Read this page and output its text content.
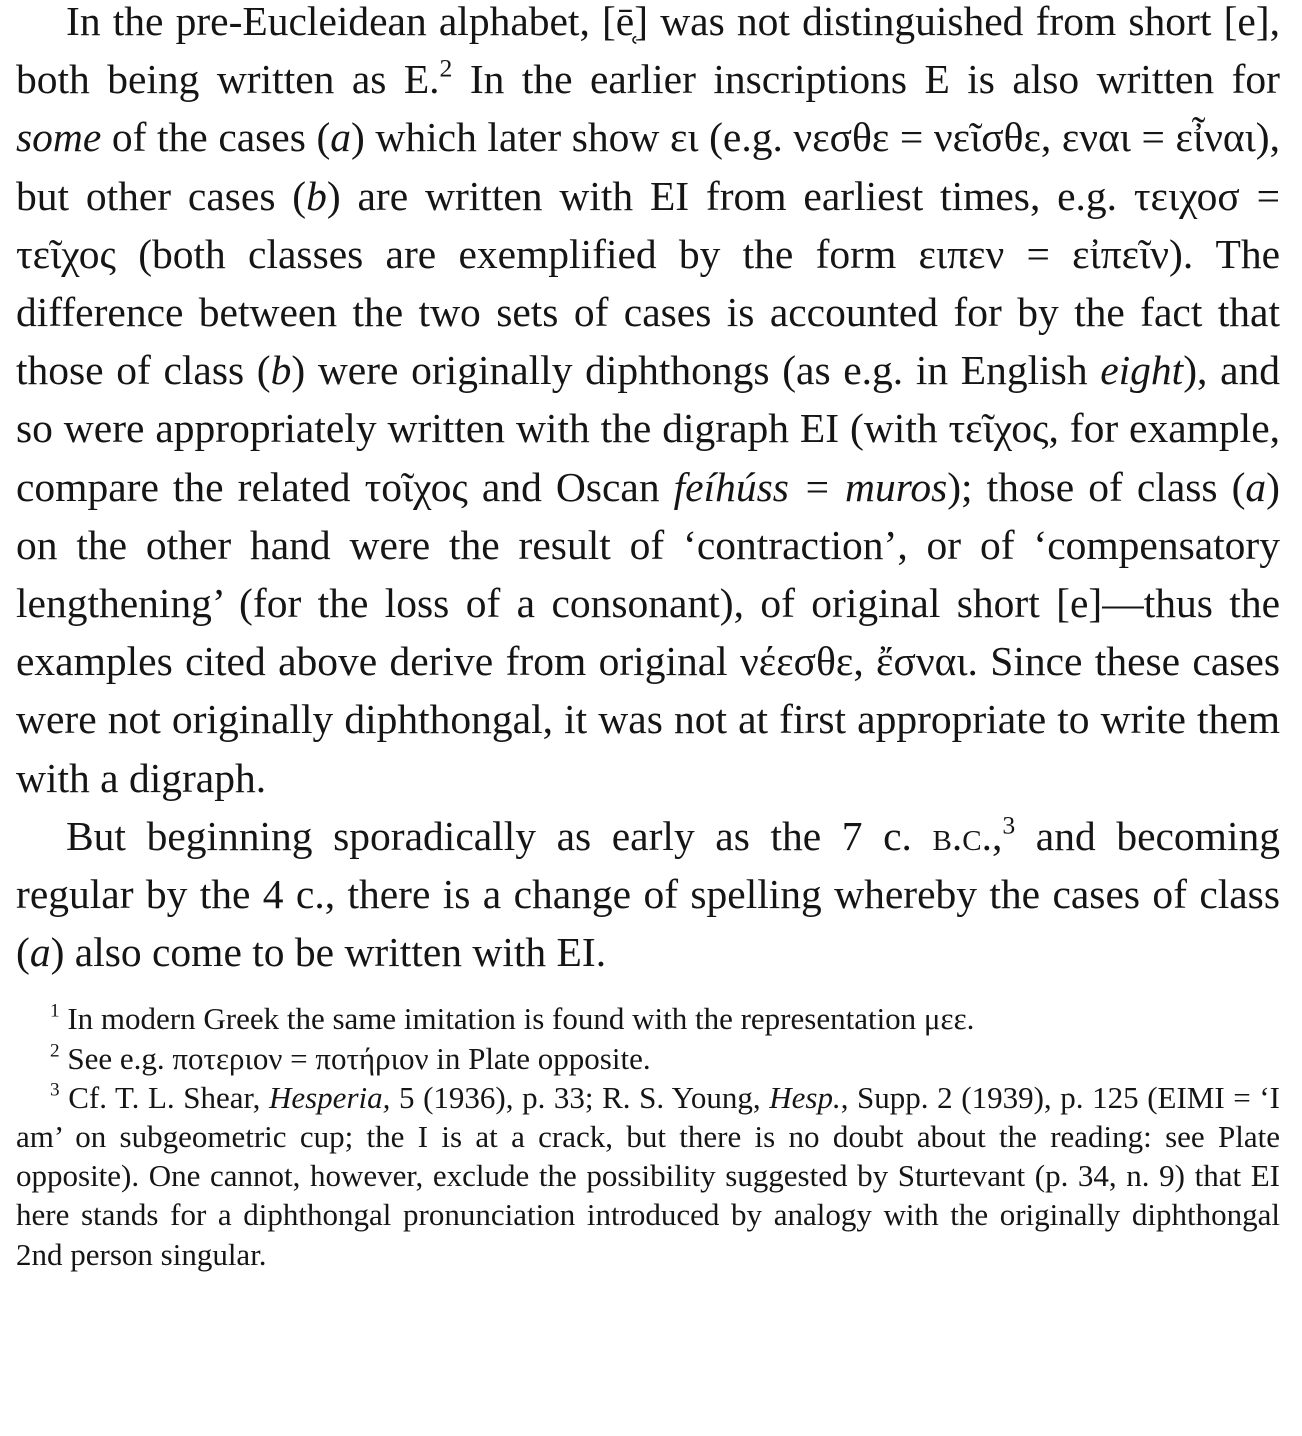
In the pre-Eucleidean alphabet, [ē̜] was not distinguished from short [e], both being written as E.$^2$ In the earlier inscriptions E is also written for some of the cases (a) which later show ει (e.g. νεσθε = νεῖσθε, εναι = εἶναι), but other cases (b) are written with EI from earliest times, e.g. τειχοσ = τεῖχος (both classes are exemplified by the form ειπεν = εἰπεῖν). The difference between the two sets of cases is accounted for by the fact that those of class (b) were originally diphthongs (as e.g. in English eight), and so were appropriately written with the digraph EI (with τεῖχος, for example, compare the related τοῖχος and Oscan feíhúss = muros); those of class (a) on the other hand were the result of ‘contraction’, or of ‘compensatory lengthening’ (for the loss of a consonant), of original short [e]—thus the examples cited above derive from original νέεσθε, ἔσναι. Since these cases were not originally diphthongal, it was not at first appropriate to write them with a digraph.

But beginning sporadically as early as the 7 c. b.c.,$^3$ and becoming regular by the 4 c., there is a change of spelling whereby the cases of class (a) also come to be written with EI.

$^1$ In modern Greek the same imitation is found with the representation μεε.

$^2$ See e.g. ποτεριον = ποτήριον in Plate opposite.

$^3$ Cf. T. L. Shear, Hesperia, 5 (1936), p. 33; R. S. Young, Hesp., Supp. 2 (1939), p. 125 (EIMI = ‘I am’ on subgeometric cup; the I is at a crack, but there is no doubt about the reading: see Plate opposite). One cannot, however, exclude the possibility suggested by Sturtevant (p. 34, n. 9) that EI here stands for a diphthongal pronunciation introduced by analogy with the originally diphthongal 2nd person singular.
